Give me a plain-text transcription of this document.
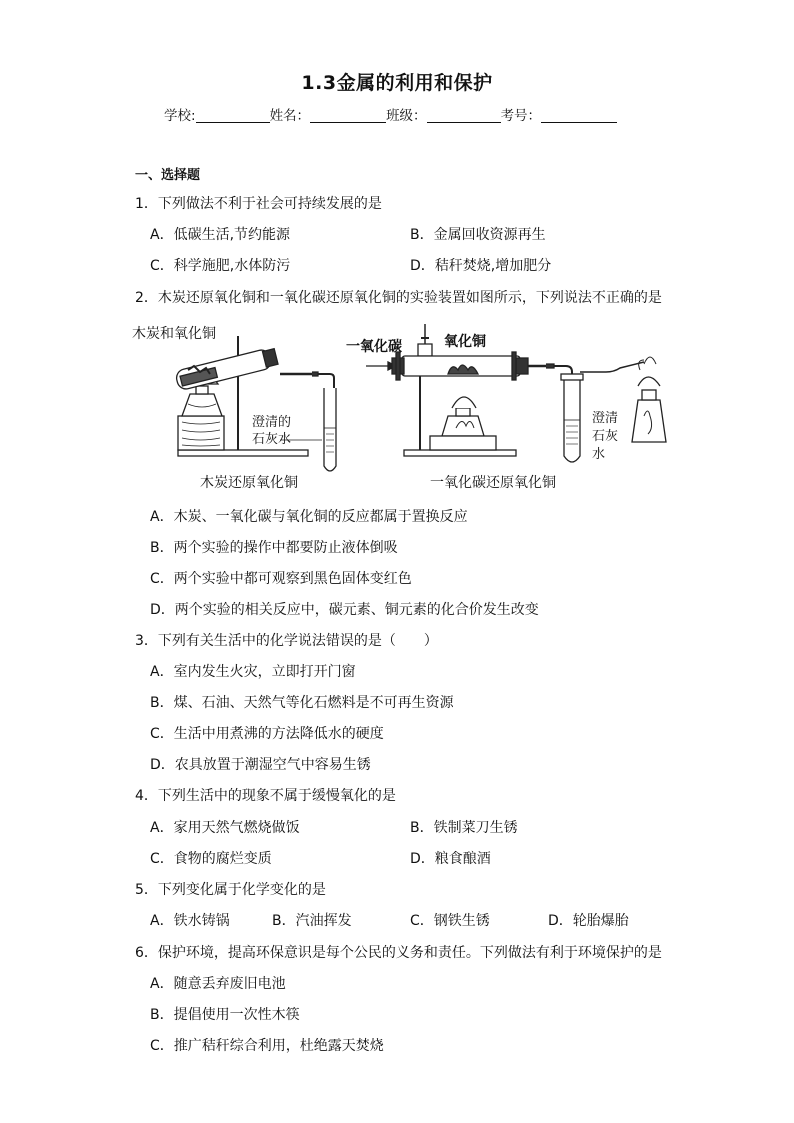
1.3金属的利用和保护
学校:	姓名：	班级：	考号：
一、选择题
1．下列做法不利于社会可持续发展的是
A．低碳生活,节约能源	B．金属回收资源再生
C．科学施肥,水体防污	D．秸秆焚烧,增加肥分
2．木炭还原氧化铜和一氧化碳还原氧化铜的实验装置如图所示，下列说法不正确的是
木炭和氧化铜
澄清的
石灰水
木炭还原氧化铜
一氧化碳	氧化铜
澄清
石灰
水
一氧化碳还原氧化铜
A．木炭、一氧化碳与氧化铜的反应都属于置换反应
B．两个实验的操作中都要防止液体倒吸
C．两个实验中都可观察到黑色固体变红色
D．两个实验的相关反应中，碳元素、铜元素的化合价发生改变
3．下列有关生活中的化学说法错误的是（　　）
A．室内发生火灾，立即打开门窗
B．煤、石油、天然气等化石燃料是不可再生资源
C．生活中用煮沸的方法降低水的硬度
D．农具放置于潮湿空气中容易生锈
4．下列生活中的现象不属于缓慢氧化的是
A．家用天然气燃烧做饭	B．铁制菜刀生锈
C．食物的腐烂变质	D．粮食酿酒
5．下列变化属于化学变化的是
A．铁水铸锅	B．汽油挥发	C．钢铁生锈	D．轮胎爆胎
6．保护环境，提高环保意识是每个公民的义务和责任。下列做法有利于环境保护的是
A．随意丢弃废旧电池
B．提倡使用一次性木筷
C．推广秸秆综合利用，杜绝露天焚烧
